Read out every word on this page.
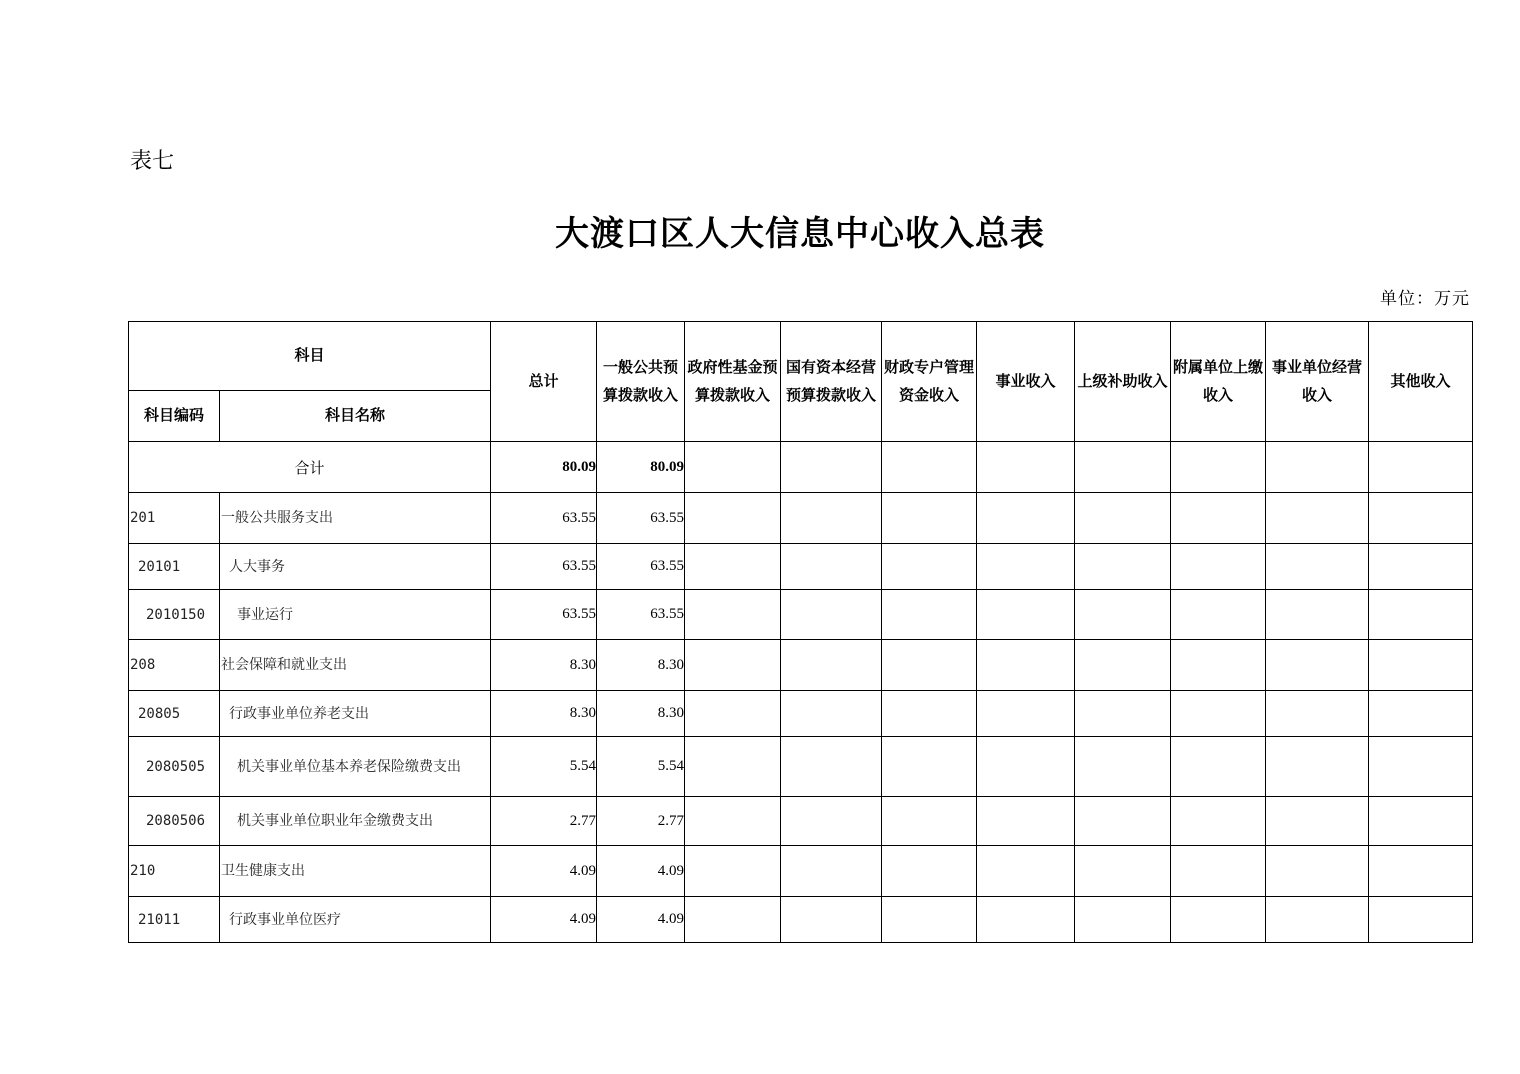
表七
大渡口区人大信息中心收入总表
单位：万元
科目		总计	一般公共预算拨款收入	政府性基金预算拨款收入	国有资本经营预算拨款收入	财政专户管理资金收入	事业收入	上级补助收入	附属单位上缴收入	事业单位经营收入	其他收入
科目编码	科目名称										
合计		80.09	80.09								
201	一般公共服务支出	63.55	63.55								
20101	人大事务	63.55	63.55								
2010150	事业运行	63.55	63.55								
208	社会保障和就业支出	8.30	8.30								
20805	行政事业单位养老支出	8.30	8.30								
2080505	机关事业单位基本养老保险缴费支出	5.54	5.54								
2080506	机关事业单位职业年金缴费支出	2.77	2.77								
210	卫生健康支出	4.09	4.09								
21011	行政事业单位医疗	4.09	4.09								
